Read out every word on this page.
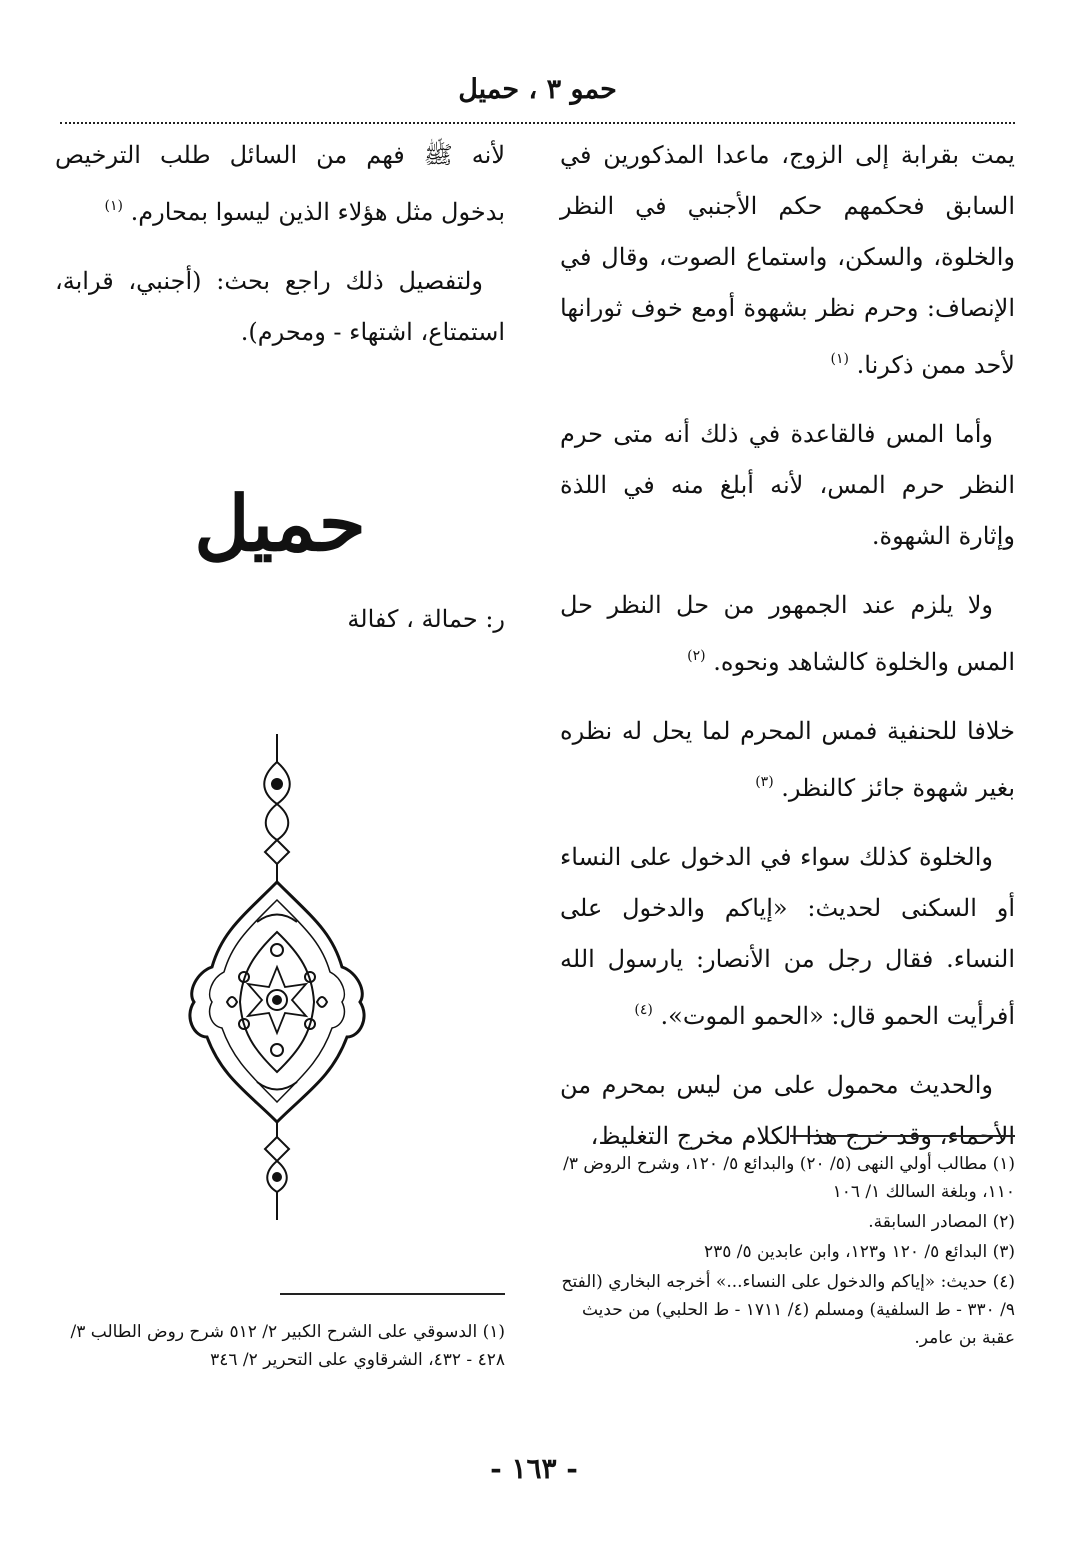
حمو ٣ ، حميل

يمت بقرابة إلى الزوج، ماعدا المذكورين في السابق فحكمهم حكم الأجنبي في النظر والخلوة، والسكن، واستماع الصوت، وقال في الإنصاف: وحرم نظر بشهوة أومع خوف ثورانها لأحد ممن ذكرنا. $^{(١)}$

وأما المس فالقاعدة في ذلك أنه متى حرم النظر حرم المس، لأنه أبلغ منه في اللذة وإثارة الشهوة.

ولا يلزم عند الجمهور من حل النظر حل المس والخلوة كالشاهد ونحوه. $^{(٢)}$

خلافا للحنفية فمس المحرم لما يحل له نظره بغير شهوة جائز كالنظر. $^{(٣)}$

والخلوة كذلك سواء في الدخول على النساء أو السكنى لحديث: «إياكم والدخول على النساء. فقال رجل من الأنصار: يارسول الله أفرأيت الحمو قال: «الحمو الموت». $^{(٤)}$

والحديث محمول على من ليس بمحرم من الأحماء، وقد خرج هذا الكلام مخرج التغليظ،

لأنه ﷺ فهم من السائل طلب الترخيص بدخول مثل هؤلاء الذين ليسوا بمحارم. $^{(١)}$

ولتفصيل ذلك راجع بحث: (أجنبي، قرابة، استمتاع، اشتهاء - ومحرم).

حميل
ر: حمالة ، كفالة

(١) مطالب أولي النهى (٥/ ٢٠) والبدائع ٥/ ١٢٠، وشرح الروض ٣/ ١١٠، وبلغة السالك ١/ ١٠٦

(٢) المصادر السابقة.

(٣) البدائع ٥/ ١٢٠ و١٢٣، وابن عابدين ٥/ ٢٣٥

(٤) حديث: «إياكم والدخول على النساء...» أخرجه البخاري (الفتح ٩/ ٣٣٠ - ط السلفية) ومسلم (٤/ ١٧١١ - ط الحلبي) من حديث عقبة بن عامر.

(١) الدسوقي على الشرح الكبير ٢/ ٥١٢ شرح روض الطالب ٣/ ٤٢٨ - ٤٣٢، الشرقاوي على التحرير ٢/ ٣٤٦

- ١٦٣ -
